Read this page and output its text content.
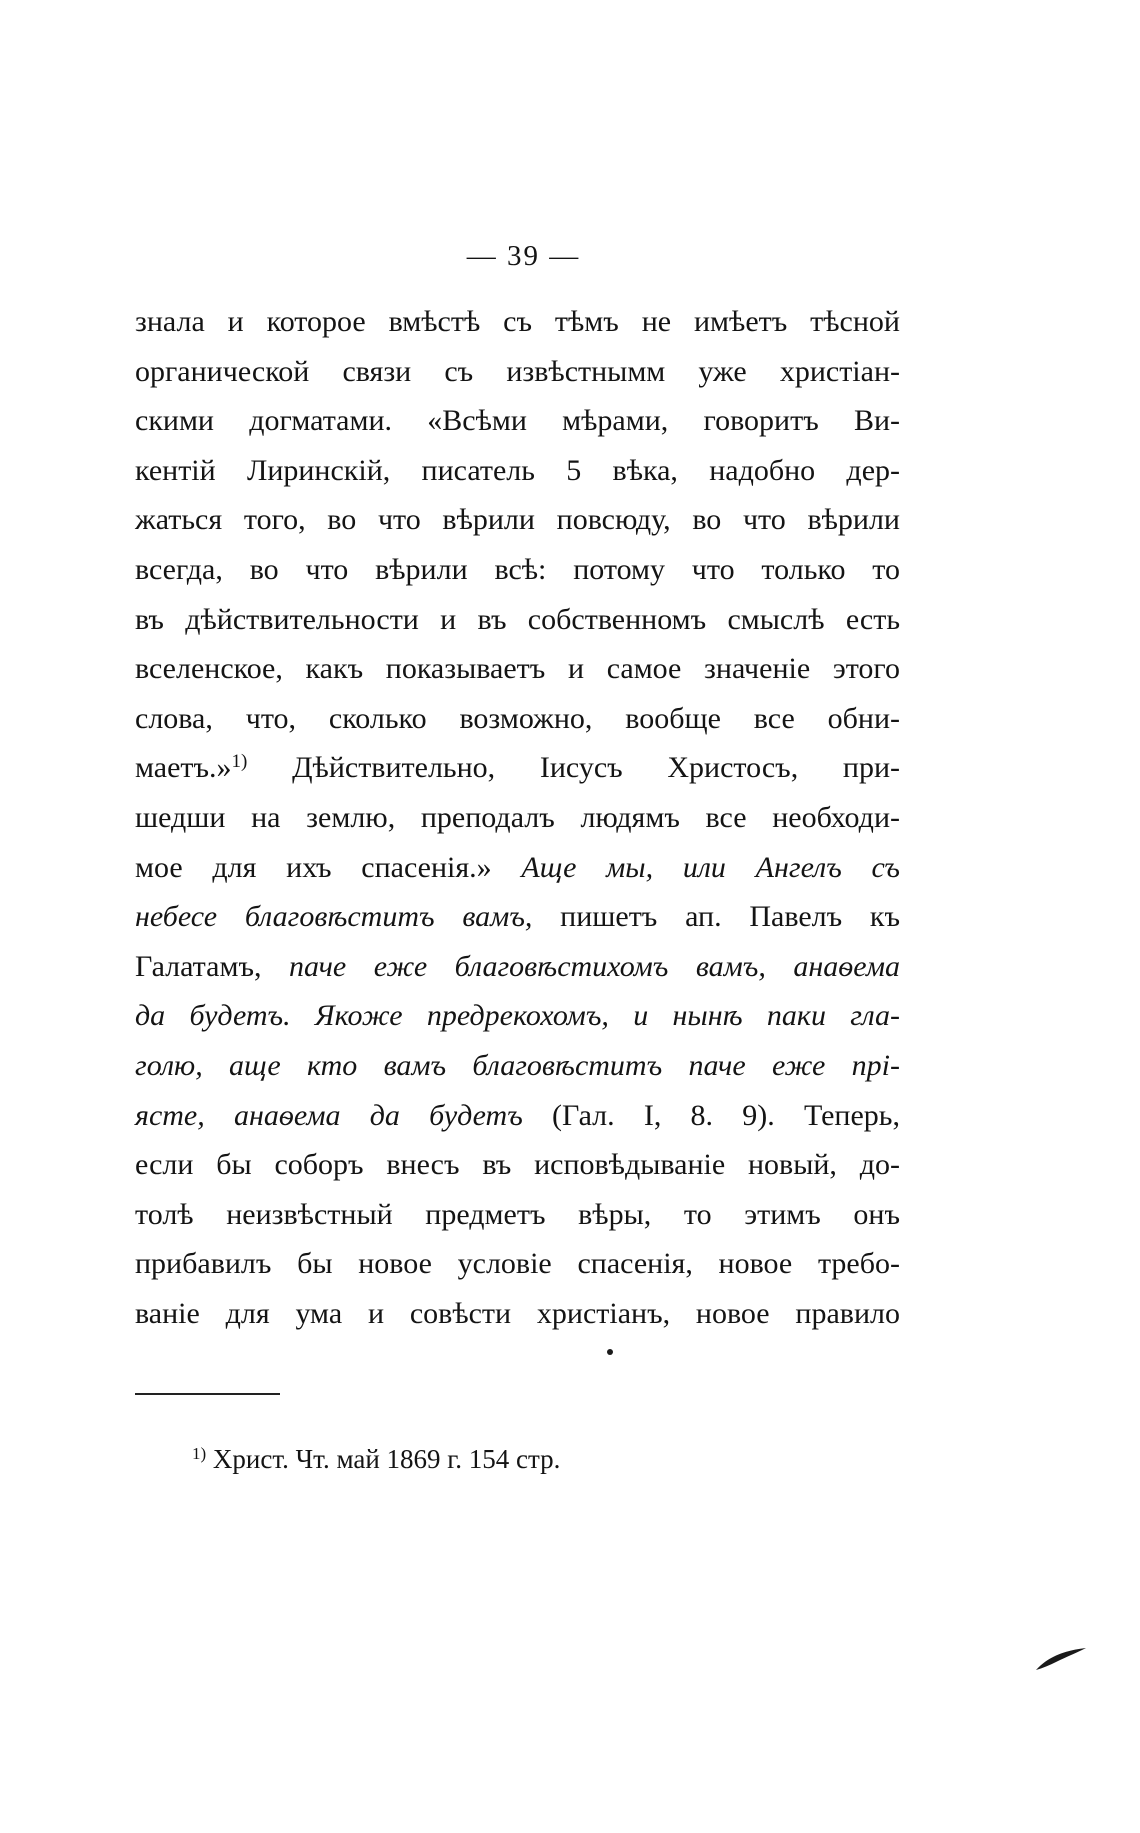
— 39 —
знала и которое вмѣстѣ съ тѣмъ не имѣетъ тѣсной
органической связи съ извѣстнымм уже христіан-
скими догматами. «Всѣми мѣрами, говоритъ Ви-
кентій Лиринскій, писатель 5 вѣка, надобно дер-
жаться того, во что вѣрили повсюду, во что вѣрили
всегда, во что вѣрили всѣ: потому что только то
въ дѣйствительности и въ собственномъ смыслѣ есть
вселенское, какъ показываетъ и самое значеніе этого
слова, что, сколько возможно, вообще все обни-
маетъ.»$^{1)}$ Дѣйствительно, Іисусъ Христосъ, при-
шедши на землю, преподалъ людямъ все необходи-
мое для ихъ спасенія.» Аще мы, или Ангелъ съ
небесе благовѣститъ вамъ, пишетъ ап. Павелъ къ
Галатамъ, паче еже благовѣстихомъ вамъ, анаѳема
да будетъ. Якоже предрекохомъ, и нынѣ паки гла-
голю, аще кто вамъ благовѣститъ паче еже прі-
ясте, анаѳема да будетъ (Гал. I, 8. 9). Теперь,
если бы соборъ внесъ въ исповѣдываніе новый, до-
толѣ неизвѣстный предметъ вѣры, то этимъ онъ
прибавилъ бы новое условіе спасенія, новое требо-
ваніе для ума и совѣсти христіанъ, новое правило
$^{1)}$ Христ. Чт. май 1869 г. 154 стр.
